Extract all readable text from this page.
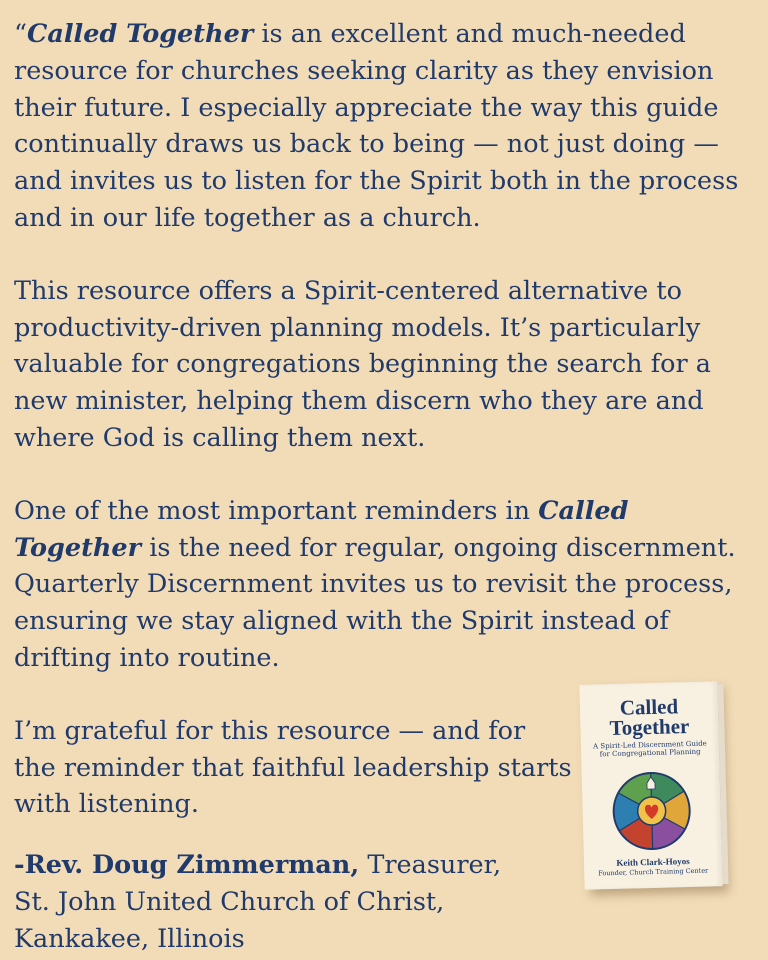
“Called Together is an excellent and much-needed resource for churches seeking clarity as they envision their future. I especially appreciate the way this guide continually draws us back to being — not just doing — and invites us to listen for the Spirit both in the process and in our life together as a church.

This resource offers a Spirit-centered alternative to productivity-driven planning models. It’s particularly valuable for congregations beginning the search for a new minister, helping them discern who they are and where God is calling them next.

One of the most important reminders in Called Together is the need for regular, ongoing discernment. Quarterly Discernment invites us to revisit the process, ensuring we stay aligned with the Spirit instead of drifting into routine.

I’m grateful for this resource — and for the reminder that faithful leadership starts with listening.

-Rev. Doug Zimmerman, Treasurer,
St. John United Church of Christ,
Kankakee, Illinois

Called
Together
A Spirit-Led Discernment Guide for Congregational Planning
Keith Clark-Hoyos
Founder, Church Training Center
